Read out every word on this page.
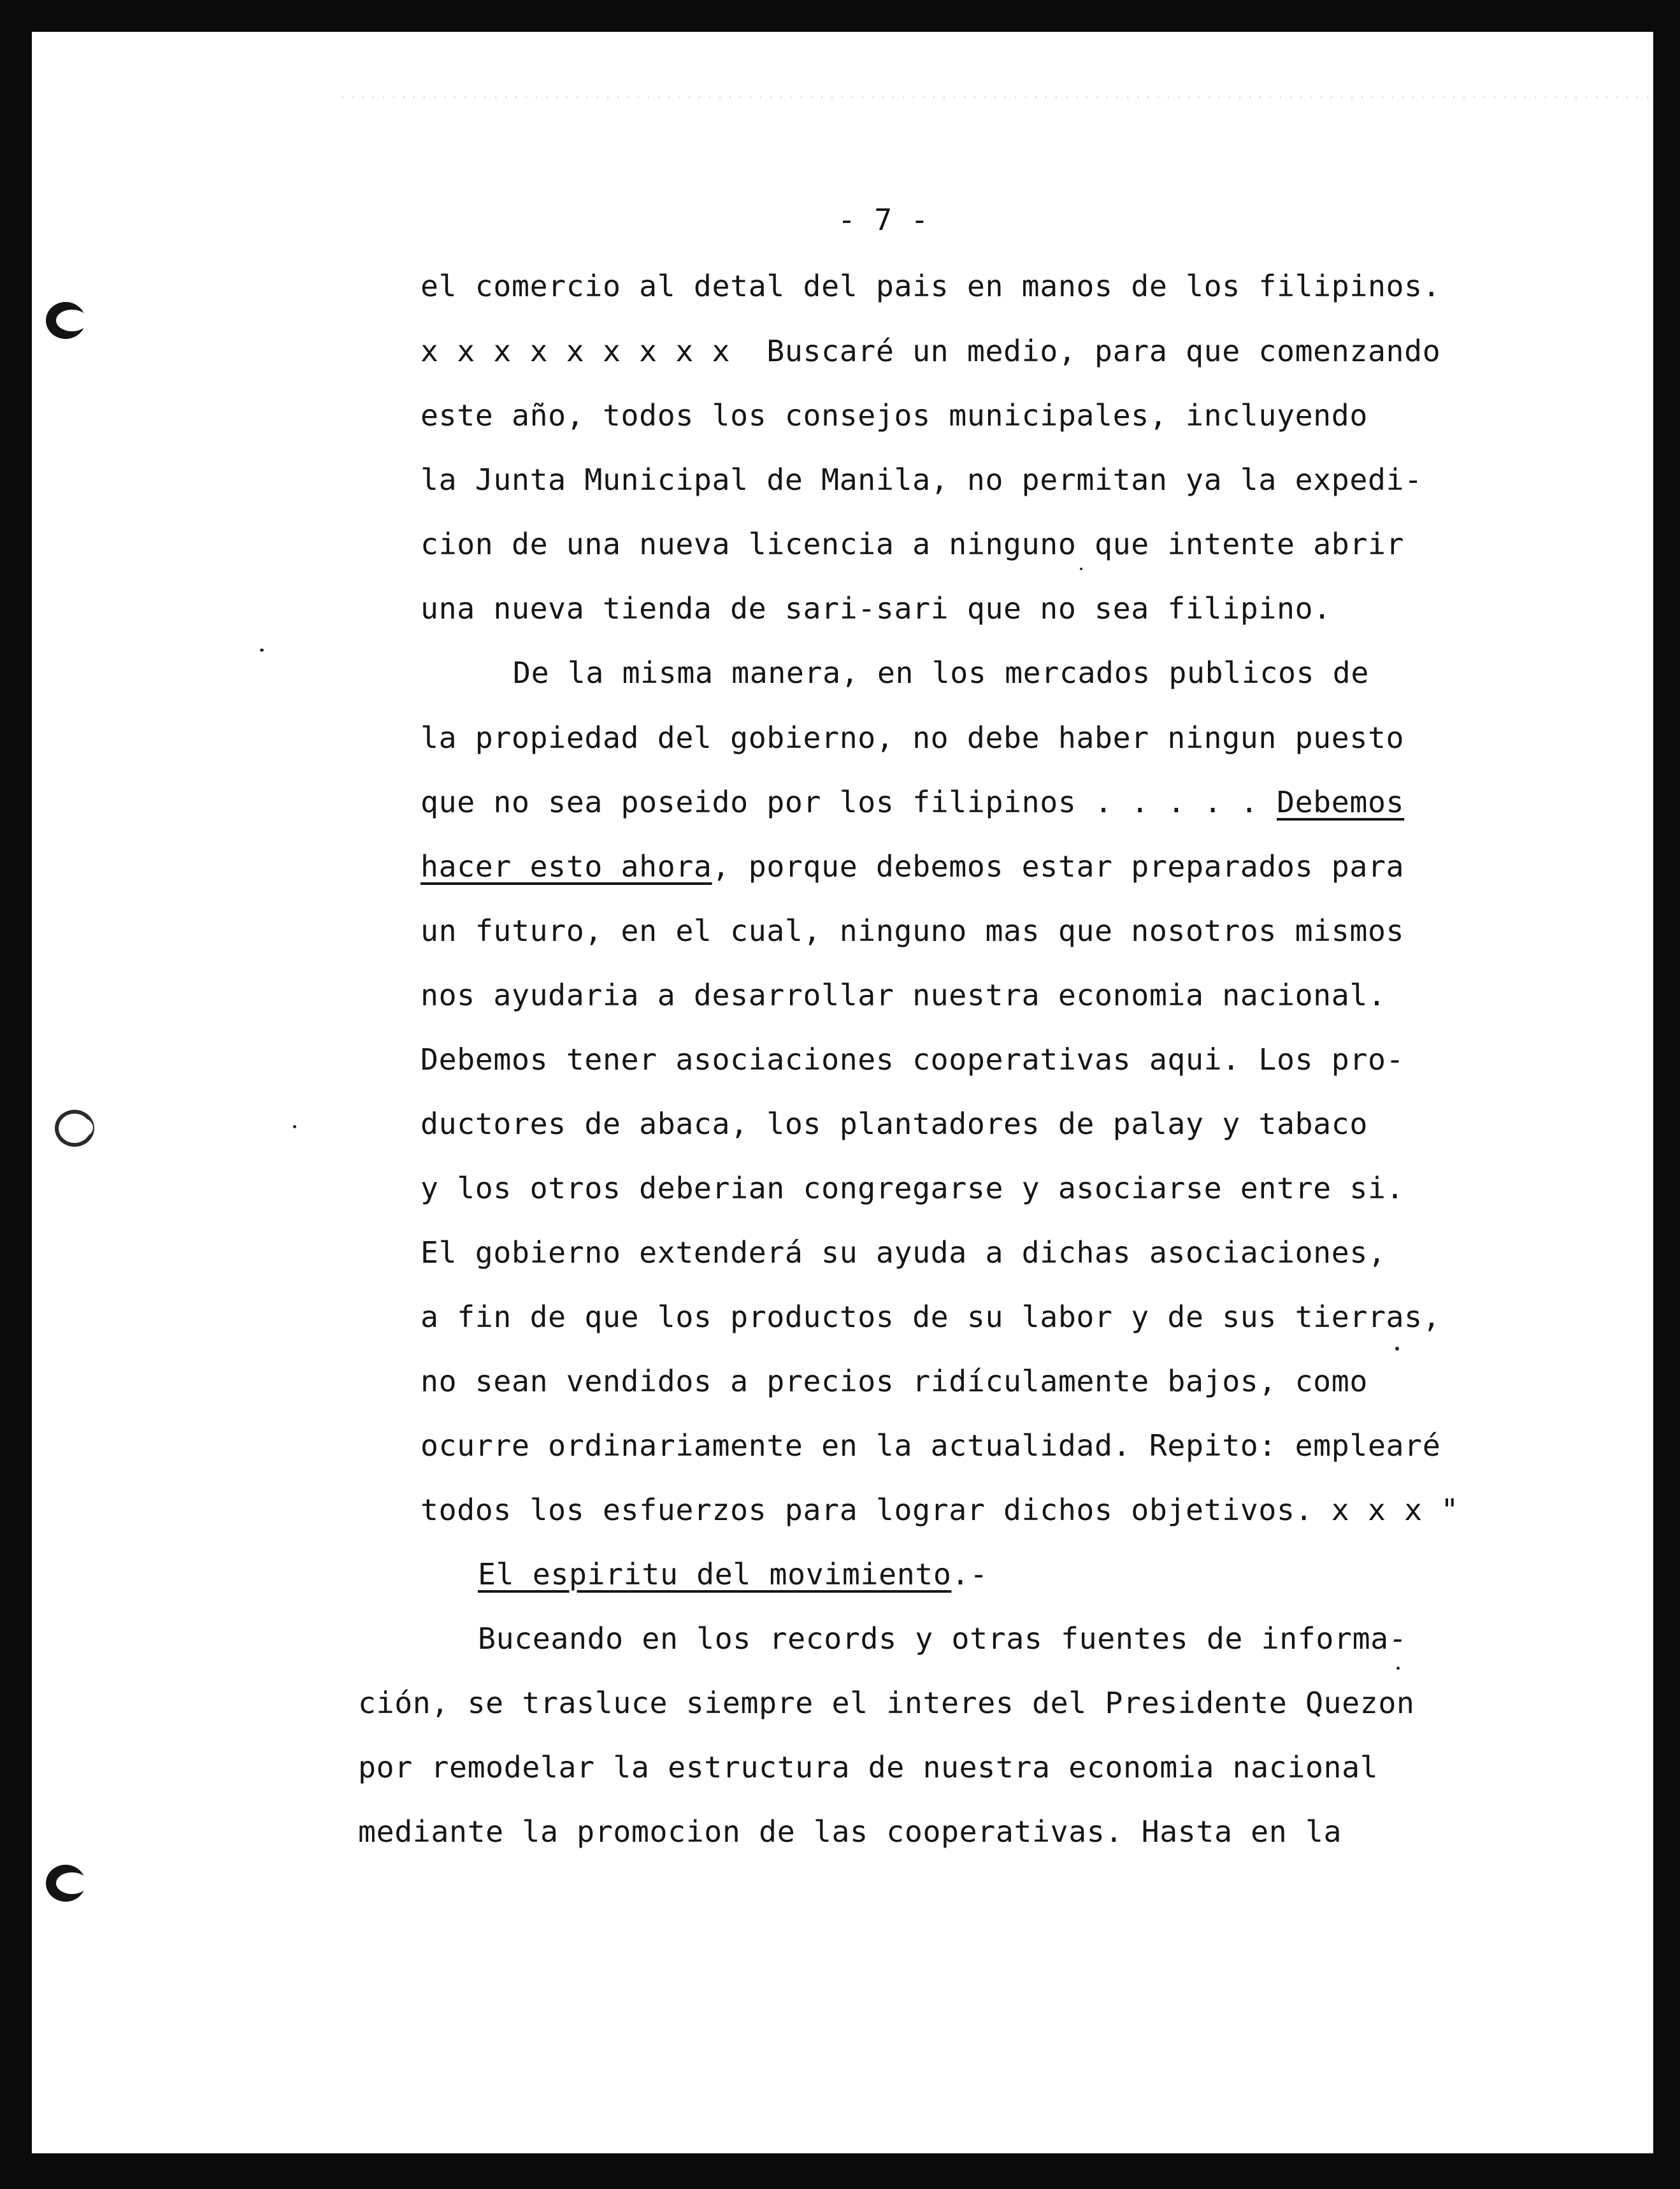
- 7 -

el comercio al detal del pais en manos de los filipinos.

x x x x x x x x x  Buscaré un medio, para que comenzando

este año, todos los consejos municipales, incluyendo

la Junta Municipal de Manila, no permitan ya la expedi-

cion de una nueva licencia a ninguno que intente abrir

una nueva tienda de sari-sari que no sea filipino.

De la misma manera, en los mercados publicos de

la propiedad del gobierno, no debe haber ningun puesto

que no sea poseido por los filipinos . . . . . Debemos

hacer esto ahora, porque debemos estar preparados para

un futuro, en el cual, ninguno mas que nosotros mismos

nos ayudaria a desarrollar nuestra economia nacional.

Debemos tener asociaciones cooperativas aqui. Los pro-

ductores de abaca, los plantadores de palay y tabaco

y los otros deberian congregarse y asociarse entre si.

El gobierno extenderá su ayuda a dichas asociaciones,

a fin de que los productos de su labor y de sus tierras,

no sean vendidos a precios ridículamente bajos, como

ocurre ordinariamente en la actualidad. Repito: emplearé

todos los esfuerzos para lograr dichos objetivos. x x x "

El espiritu del movimiento.-

Buceando en los records y otras fuentes de informa-

ción, se trasluce siempre el interes del Presidente Quezon

por remodelar la estructura de nuestra economia nacional

mediante la promocion de las cooperativas. Hasta en la
